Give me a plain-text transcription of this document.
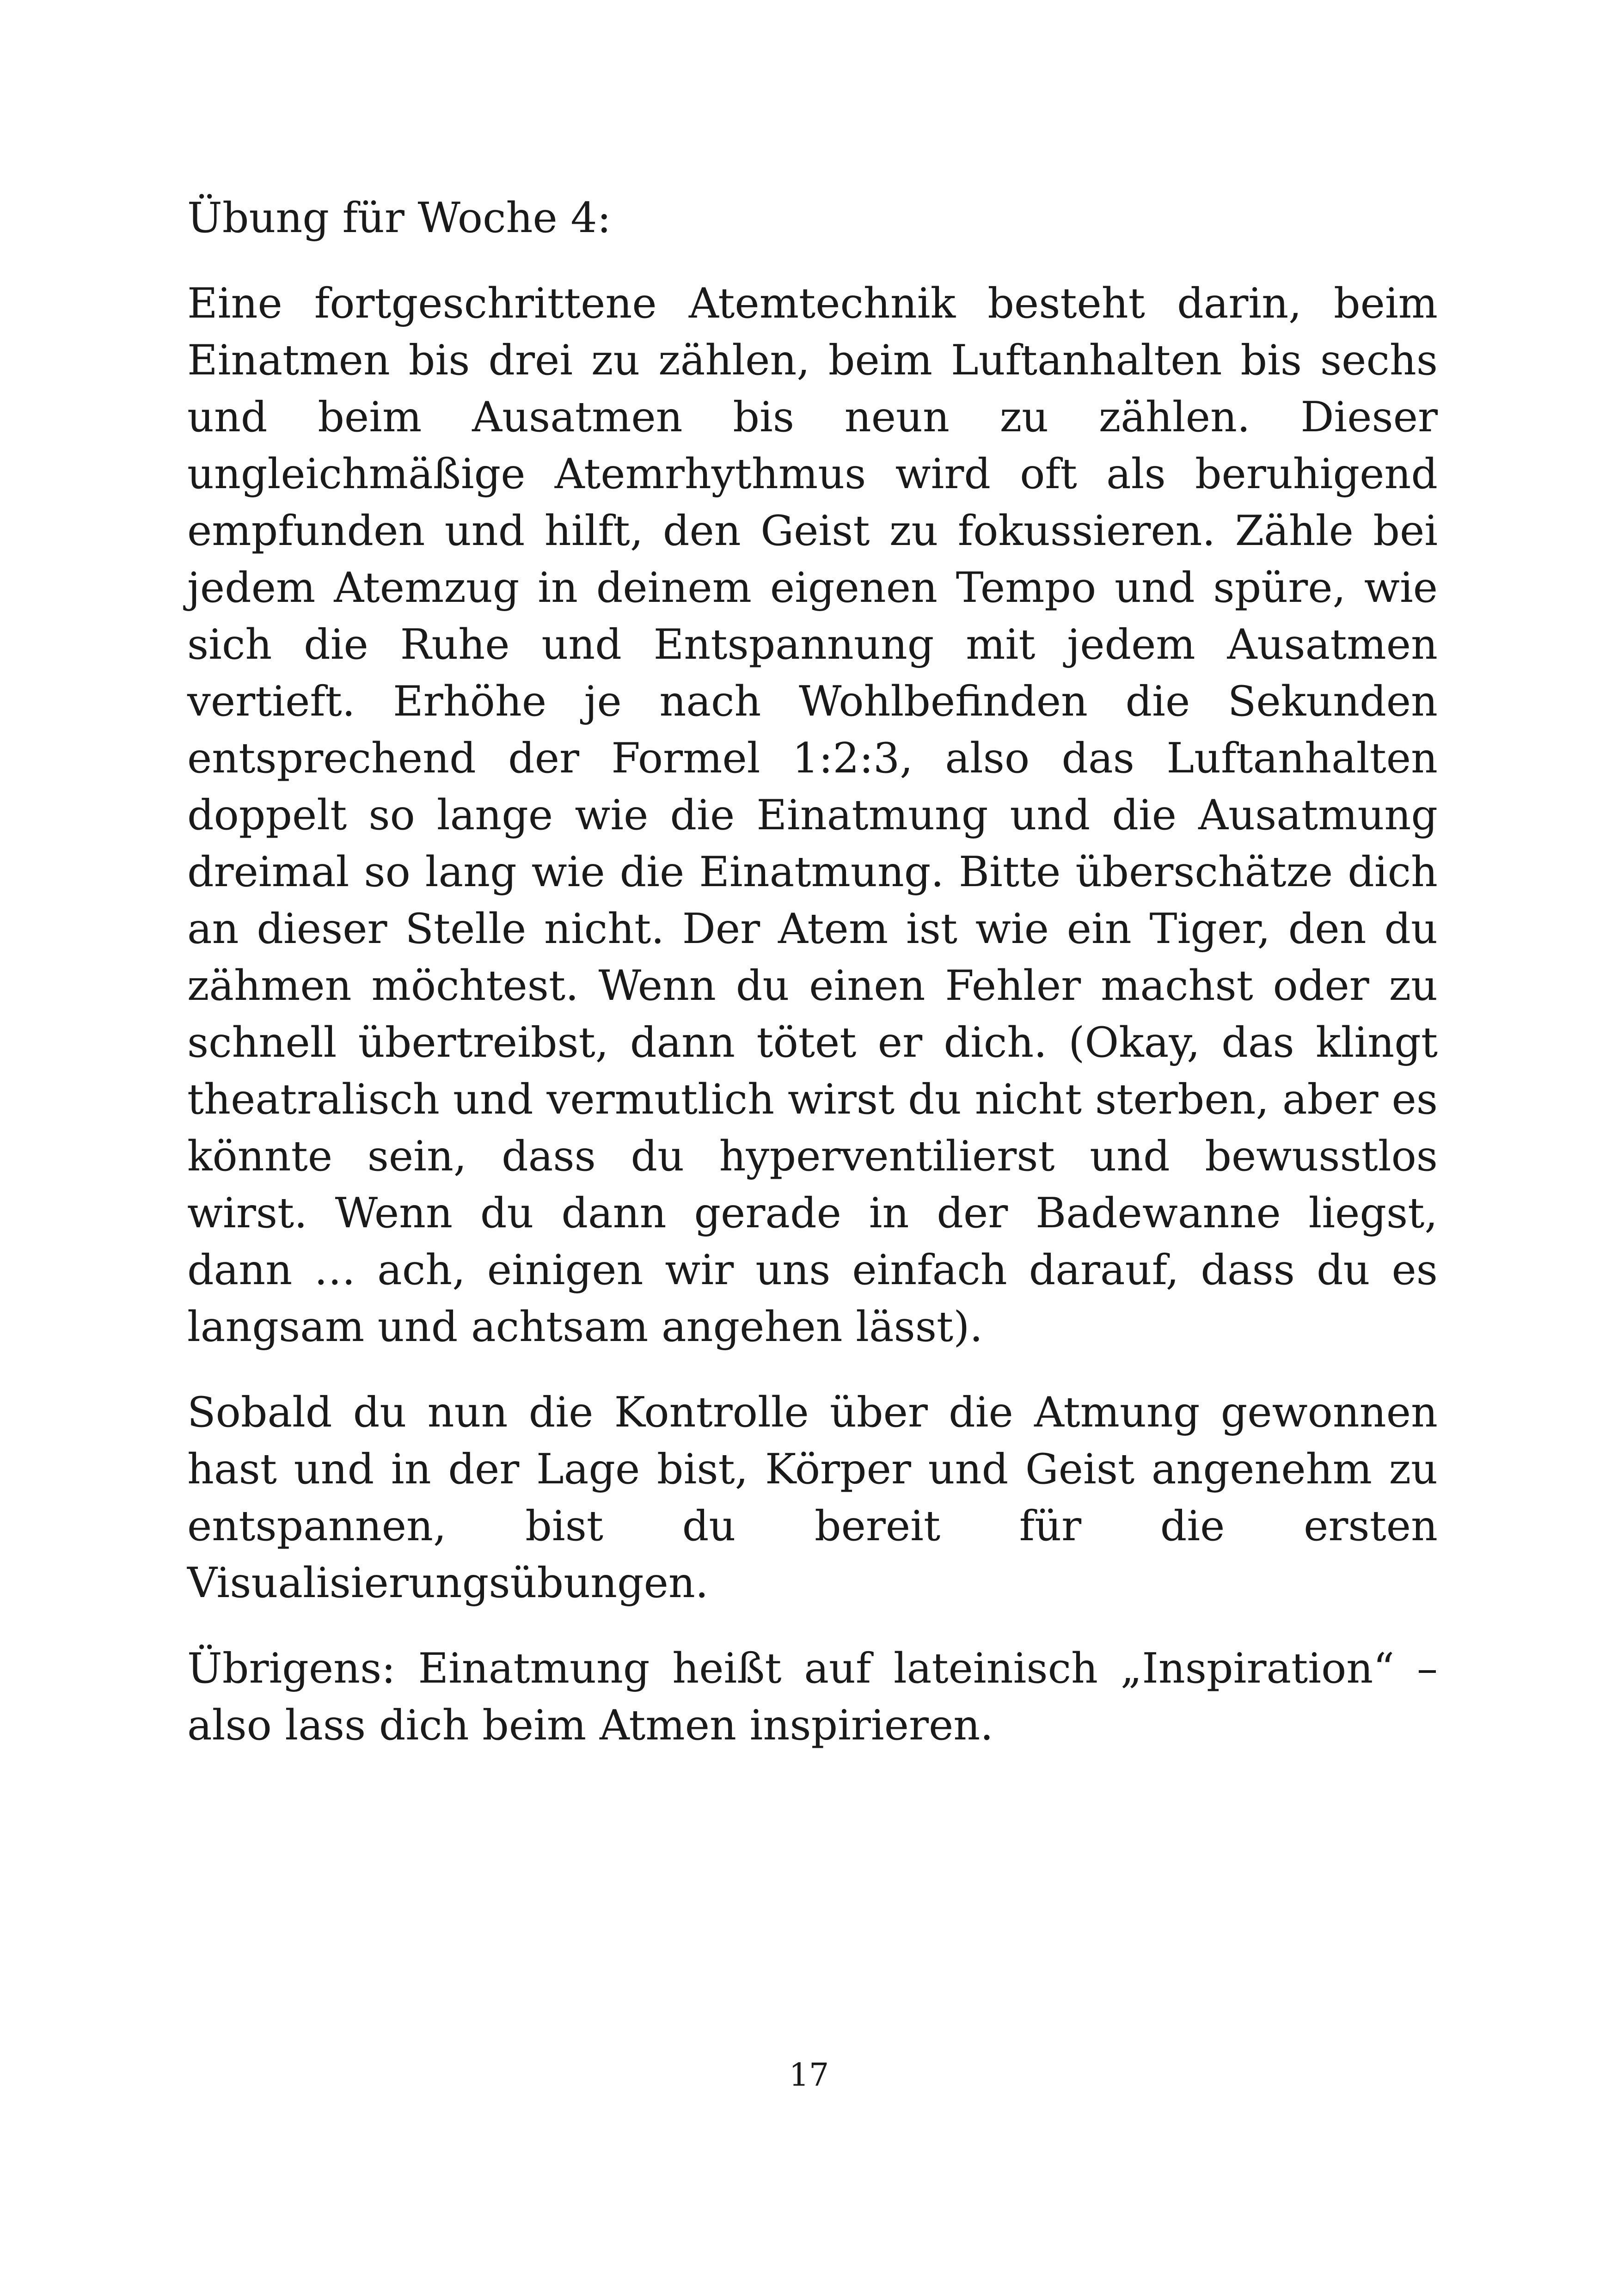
Übung für Woche 4:

Eine fortgeschrittene Atemtechnik besteht darin, beim Einatmen bis drei zu zählen, beim Luftanhalten bis sechs und beim Ausatmen bis neun zu zählen. Dieser ungleichmäßige Atemrhythmus wird oft als beruhigend empfunden und hilft, den Geist zu fokussieren. Zähle bei jedem Atemzug in deinem eigenen Tempo und spüre, wie sich die Ruhe und Entspannung mit jedem Ausatmen vertieft. Erhöhe je nach Wohlbefinden die Sekunden entsprechend der Formel 1:2:3, also das Luftanhalten doppelt so lange wie die Einatmung und die Ausatmung dreimal so lang wie die Einatmung. Bitte überschätze dich an dieser Stelle nicht. Der Atem ist wie ein Tiger, den du zähmen möchtest. Wenn du einen Fehler machst oder zu schnell übertreibst, dann tötet er dich. (Okay, das klingt theatralisch und vermutlich wirst du nicht sterben, aber es könnte sein, dass du hyperventilierst und bewusstlos wirst. Wenn du dann gerade in der Badewanne liegst, dann … ach, einigen wir uns einfach darauf, dass du es langsam und achtsam angehen lässt).

Sobald du nun die Kontrolle über die Atmung gewonnen hast und in der Lage bist, Körper und Geist angenehm zu entspannen, bist du bereit für die ersten Visualisierungsübungen.

Übrigens: Einatmung heißt auf lateinisch „Inspiration“ – also lass dich beim Atmen inspirieren.

17
